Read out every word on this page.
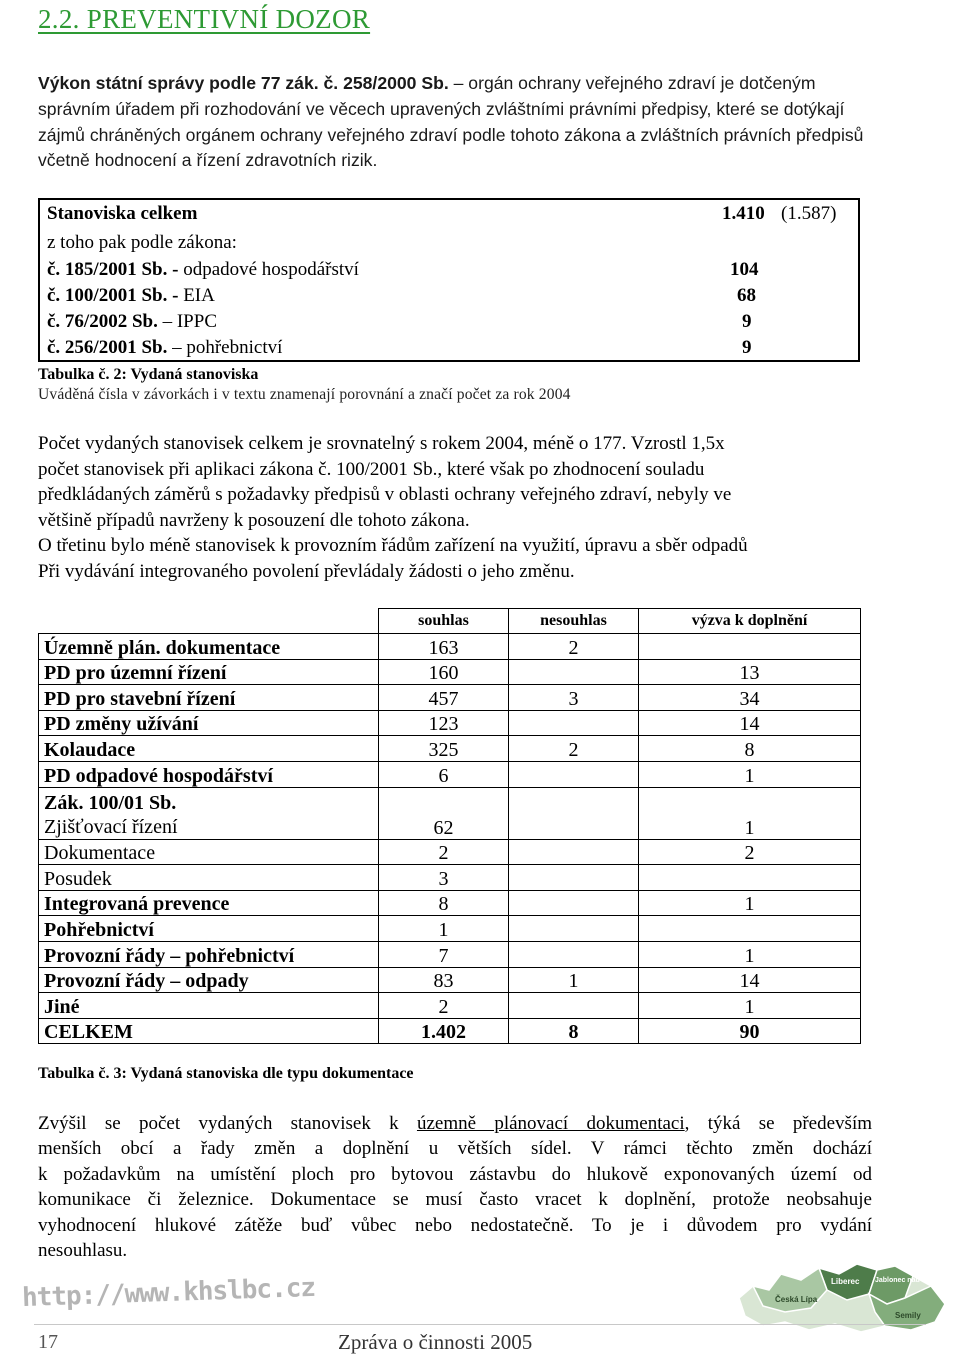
2.2. PREVENTIVNÍ DOZOR

Výkon státní správy podle 77 zák. č. 258/2000 Sb. – orgán ochrany veřejného zdraví je dotčeným správním úřadem při rozhodování ve věcech upravených zvláštními právními předpisy, které se dotýkají zájmů chráněných orgánem ochrany veřejného zdraví podle tohoto zákona a zvláštních právních předpisů včetně hodnocení a řízení zdravotních rizik.

Stanoviska celkem	1.410 (1.587)
z toho pak podle zákona:
č. 185/2001 Sb. - odpadové hospodářství	104
č. 100/2001 Sb. - EIA	68
č. 76/2002 Sb. – IPPC	9
č. 256/2001 Sb. – pohřebnictví	9

Tabulka č. 2: Vydaná stanoviska

Uváděná čísla v závorkách i v textu znamenají porovnání a značí počet za rok 2004

Počet vydaných stanovisek celkem je srovnatelný s rokem 2004, méně o 177. Vzrostl 1,5x
počet stanovisek při aplikaci zákona č. 100/2001 Sb., které však po zhodnocení souladu
předkládaných záměrů s požadavky předpisů v oblasti ochrany veřejného zdraví, nebyly ve
většině případů navrženy k posouzení dle tohoto zákona.
O třetinu bylo méně stanovisek k provozním řádům zařízení na využití, úpravu a sběr odpadů
Při vydávání integrovaného povolení převládaly žádosti o jeho změnu.

	souhlas	nesouhlas	výzva k doplnění
Územně plán. dokumentace	163	2	
PD pro územní řízení	160		13
PD pro stavební řízení	457	3	34
PD změny užívání	123		14
Kolaudace	325	2	8
PD odpadové hospodářství	6		1

Zák. 100/01 Sb.
Zjišťovací řízení	62		1
Dokumentace	2		2
Posudek	3		
Integrovaná prevence	8		1
Pohřebnictví	1		
Provozní řády – pohřebnictví	7		1
Provozní řády – odpady	83	1	14
Jiné	2		1
CELKEM	1.402	8	90

Tabulka č. 3: Vydaná stanoviska dle typu dokumentace

Zvýšil se počet vydaných stanovisek k územně plánovací dokumentaci, týká se především
menších obcí a řady změn a doplnění u větších sídel. V rámci těchto změn dochází
k požadavkům na umístění ploch pro bytovou zástavbu do hlukově exponovaných území od
komunikace či železnice. Dokumentace se musí často vracet k doplnění, protože neobsahuje
vyhodnocení hlukové zátěže buď vůbec nebo nedostatečně. To je i důvodem pro vydání
nesouhlasu.

http://www.khslbc.cz	Liberec Jablonec nad Nisou
Česká Lípa
Semily

17	Zpráva o činnosti 2005
